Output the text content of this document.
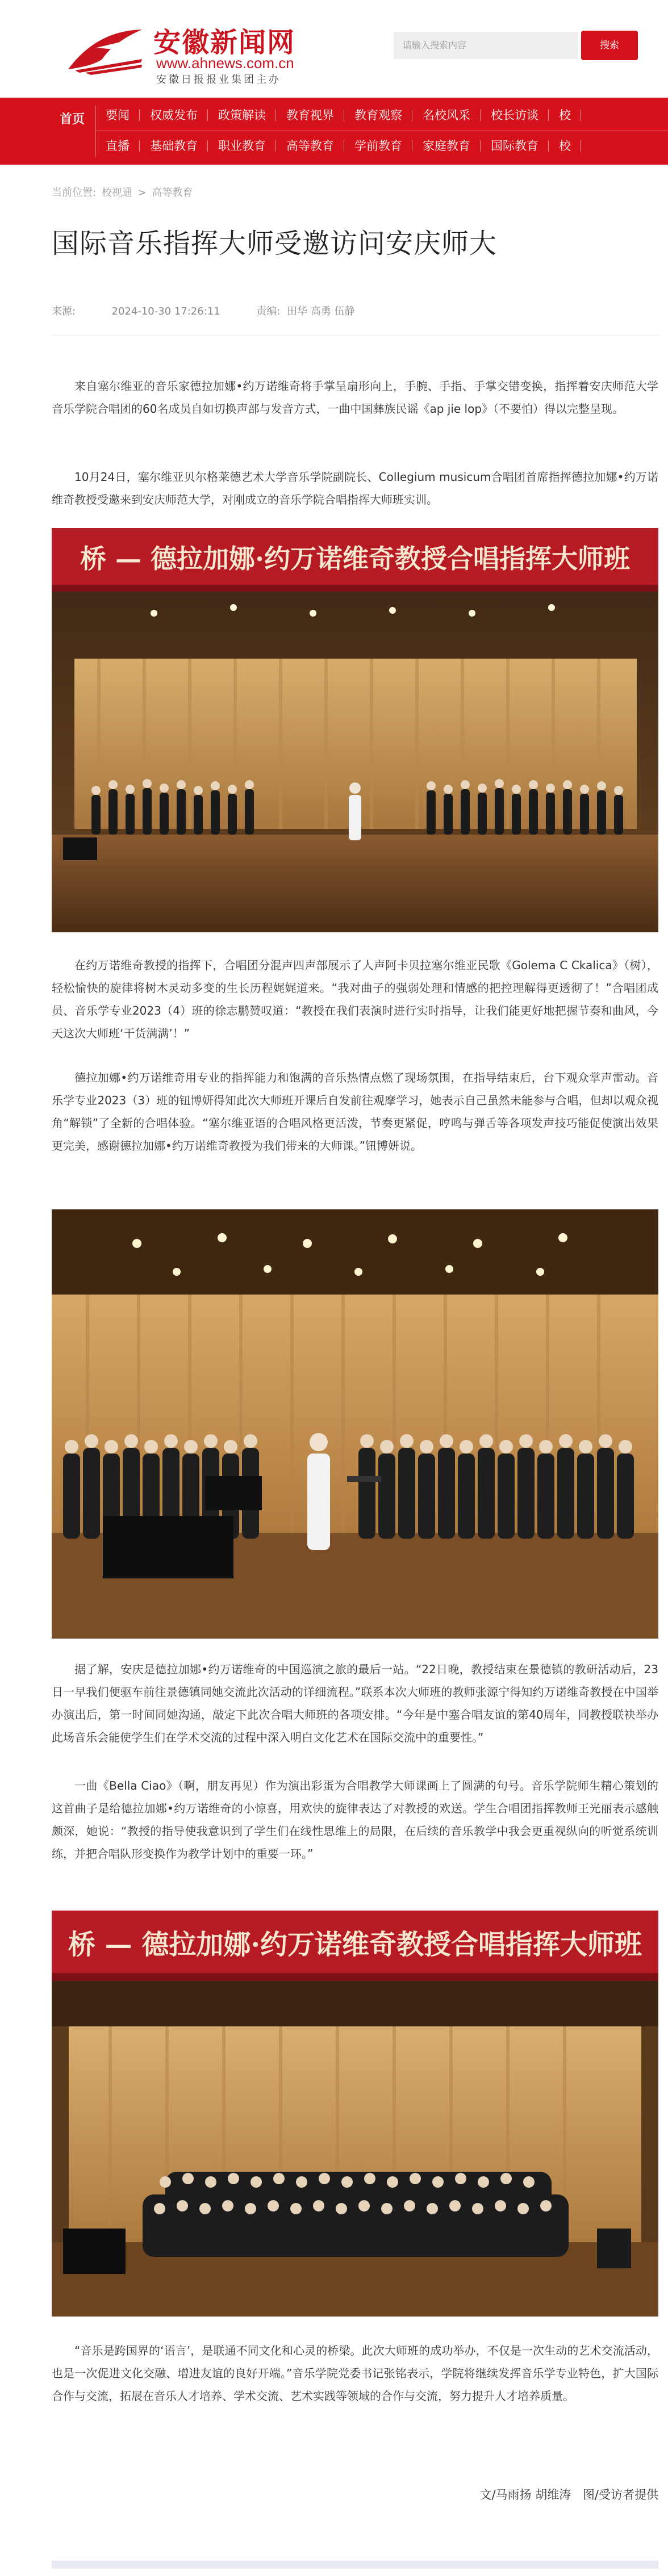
安徽新闻网
www.ahnews.com.cn
安徽日报报业集团主办
请输入搜索内容	搜索
首页	要闻	权威发布	政策解读	教育视界	教育观察	名校风采	校长访谈	校
直播	基础教育	职业教育	高等教育	学前教育	家庭教育	国际教育	校
当前位置: 校视通 > 高等教育
国际音乐指挥大师受邀访问安庆师大
来源:	2024-10-30 17:26:11	责编: 田华 高勇 伍静

来自塞尔维亚的音乐家德拉加娜•约万诺维奇将手掌呈扇形向上，手腕、手指、手掌交错变换，指挥着安庆师范大学音乐学院合唱团的60名成员自如切换声部与发音方式，一曲中国彝族民谣《ap jie lop》（不要怕）得以完整呈现。

10月24日，塞尔维亚贝尔格莱德艺术大学音乐学院副院长、Collegium musicum合唱团首席指挥德拉加娜•约万诺维奇教授受邀来到安庆师范大学，对刚成立的音乐学院合唱指挥大师班实训。

桥 — 德拉加娜·约万诺维奇教授合唱指挥大师班

在约万诺维奇教授的指挥下，合唱团分混声四声部展示了人声阿卡贝拉塞尔维亚民歌《Golema C Ckalica》（树），轻松愉快的旋律将树木灵动多变的生长历程娓娓道来。“我对曲子的强弱处理和情感的把控理解得更透彻了！”合唱团成员、音乐学专业2023（4）班的徐志鹏赞叹道：“教授在我们表演时进行实时指导，让我们能更好地把握节奏和曲风，今天这次大师班‘干货满满’！”

德拉加娜•约万诺维奇用专业的指挥能力和饱满的音乐热情点燃了现场氛围，在指导结束后，台下观众掌声雷动。音乐学专业2023（3）班的钮博妍得知此次大师班开课后自发前往观摩学习，她表示自己虽然未能参与合唱，但却以观众视角“解锁”了全新的合唱体验。“塞尔维亚语的合唱风格更活泼，节奏更紧促，哼鸣与弹舌等各项发声技巧能促使演出效果更完美，感谢德拉加娜•约万诺维奇教授为我们带来的大师课。”钮博妍说。

据了解，安庆是德拉加娜•约万诺维奇的中国巡演之旅的最后一站。“22日晚，教授结束在景德镇的教研活动后，23日一早我们便驱车前往景德镇同她交流此次活动的详细流程。”联系本次大师班的教师张源宁得知约万诺维奇教授在中国举办演出后，第一时间同她沟通，敲定下此次合唱大师班的各项安排。“今年是中塞合唱友谊的第40周年，同教授联袂举办此场音乐会能使学生们在学术交流的过程中深入明白文化艺术在国际交流中的重要性。”

一曲《Bella Ciao》（啊，朋友再见）作为演出彩蛋为合唱教学大师课画上了圆满的句号。音乐学院师生精心策划的这首曲子是给德拉加娜•约万诺维奇的小惊喜，用欢快的旋律表达了对教授的欢送。学生合唱团指挥教师王光丽表示感触颇深，她说：“教授的指导使我意识到了学生们在线性思维上的局限，在后续的音乐教学中我会更重视纵向的听觉系统训练，并把合唱队形变换作为教学计划中的重要一环。”

桥 — 德拉加娜·约万诺维奇教授合唱指挥大师班

“音乐是跨国界的‘语言’，是联通不同文化和心灵的桥梁。此次大师班的成功举办，不仅是一次生动的艺术交流活动，也是一次促进文化交融、增进友谊的良好开端。”音乐学院党委书记张铭表示，学院将继续发挥音乐学专业特色，扩大国际合作与交流，拓展在音乐人才培养、学术交流、艺术实践等领域的合作与交流，努力提升人才培养质量。

文/马雨扬 胡维涛 图/受访者提供
